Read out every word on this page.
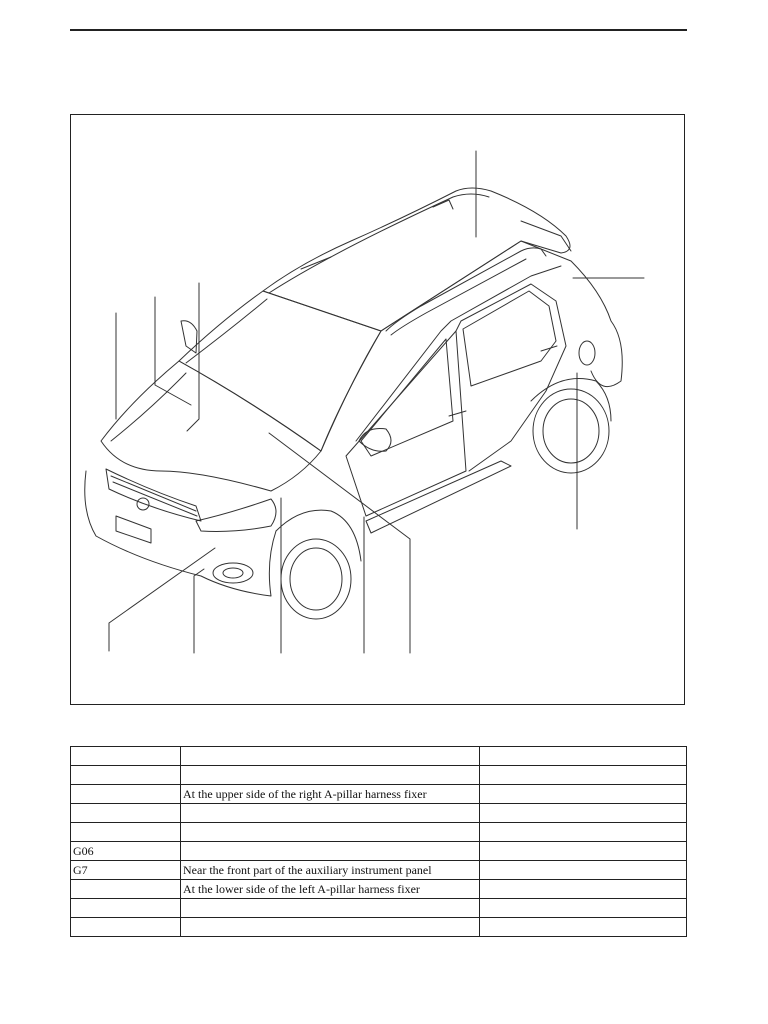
	At the upper side of the right A-pillar harness fixer	

G06		
G7	Near the front part of the auxiliary instrument panel	
	At the lower side of the left A-pillar harness fixer	
